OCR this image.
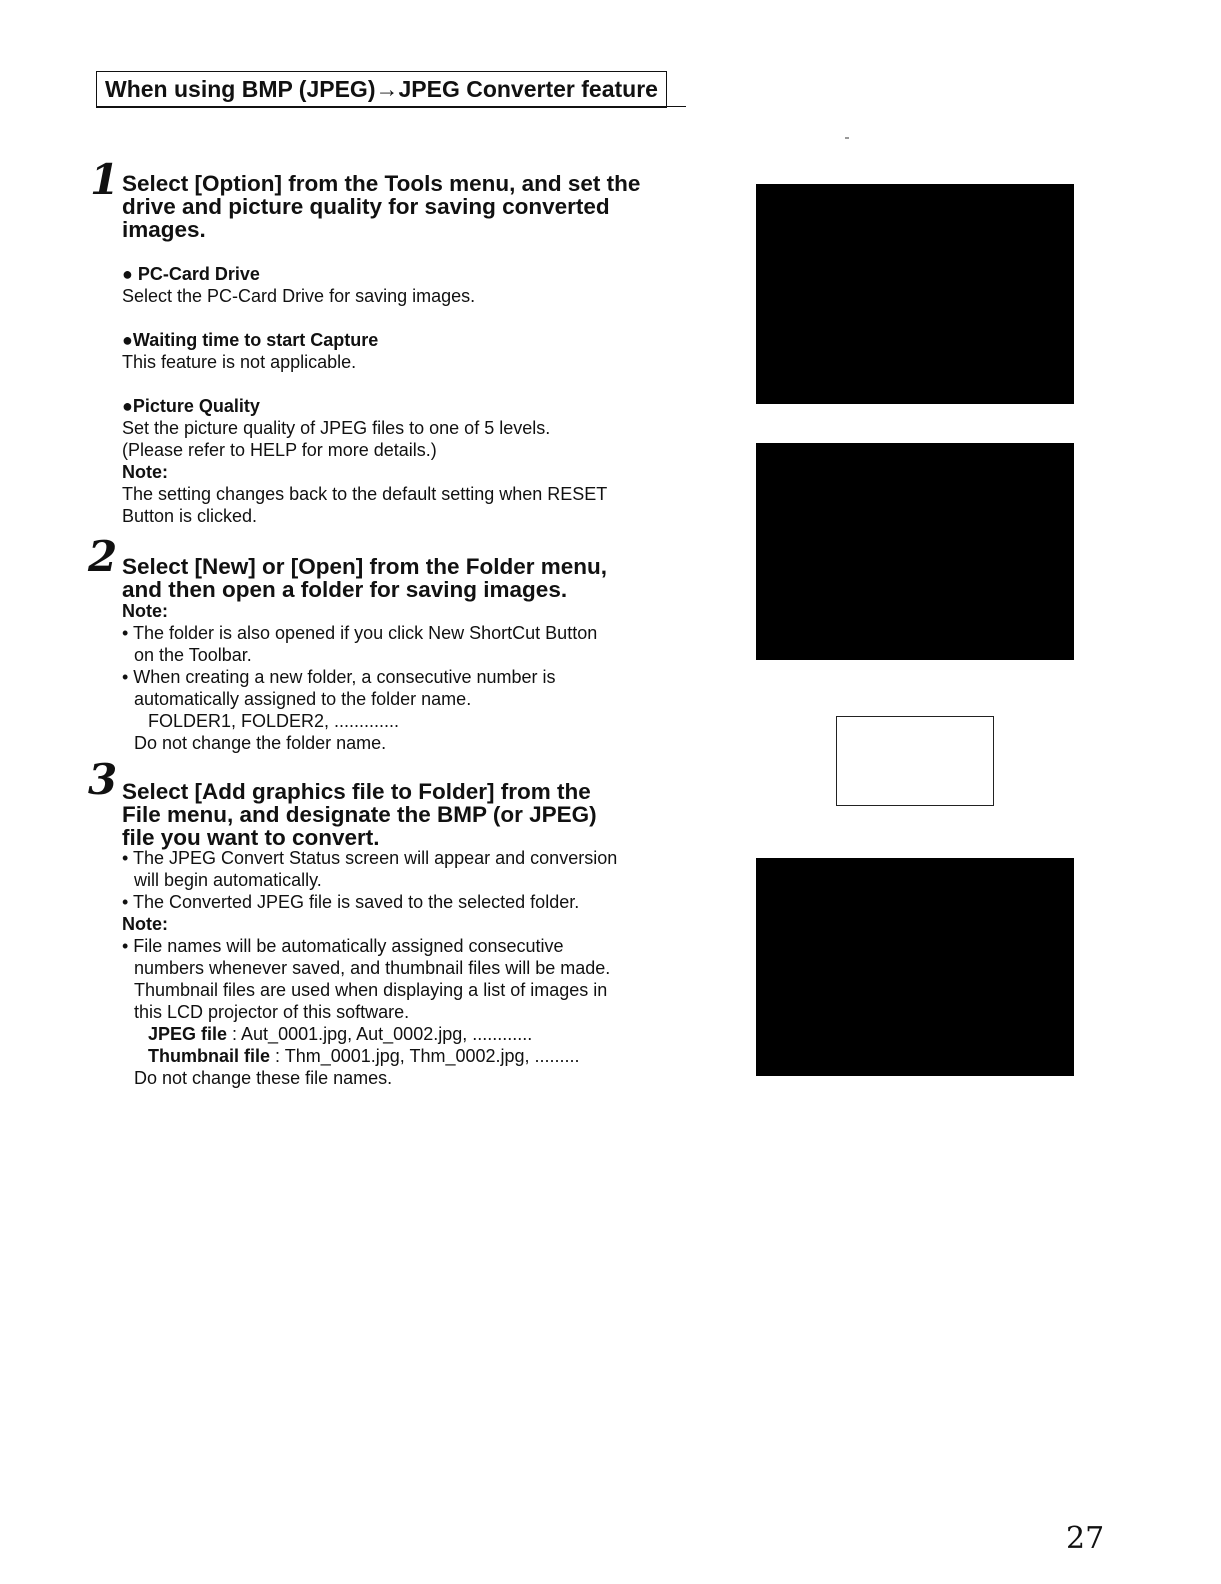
When using BMP (JPEG)→JPEG Converter feature
1 Select [Option] from the Tools menu, and set the
drive and picture quality for saving converted
images.
● PC-Card Drive
Select the PC-Card Drive for saving images.
●Waiting time to start Capture
This feature is not applicable.
●Picture Quality
Set the picture quality of JPEG files to one of 5 levels.
(Please refer to HELP for more details.)
Note:
The setting changes back to the default setting when RESET
Button is clicked.
2 Select [New] or [Open] from the Folder menu,
and then open a folder for saving images.
Note:
• The folder is also opened if you click New ShortCut Button
on the Toolbar.
• When creating a new folder, a consecutive number is
automatically assigned to the folder name.
FOLDER1, FOLDER2, .............
Do not change the folder name.
3 Select [Add graphics file to Folder] from the
File menu, and designate the BMP (or JPEG)
file you want to convert.
• The JPEG Convert Status screen will appear and conversion
will begin automatically.
• The Converted JPEG file is saved to the selected folder.
Note:
• File names will be automatically assigned consecutive
numbers whenever saved, and thumbnail files will be made.
Thumbnail files are used when displaying a list of images in
this LCD projector of this software.
JPEG file : Aut_0001.jpg, Aut_0002.jpg, ............
Thumbnail file : Thm_0001.jpg, Thm_0002.jpg, .........
Do not change these file names.
27
